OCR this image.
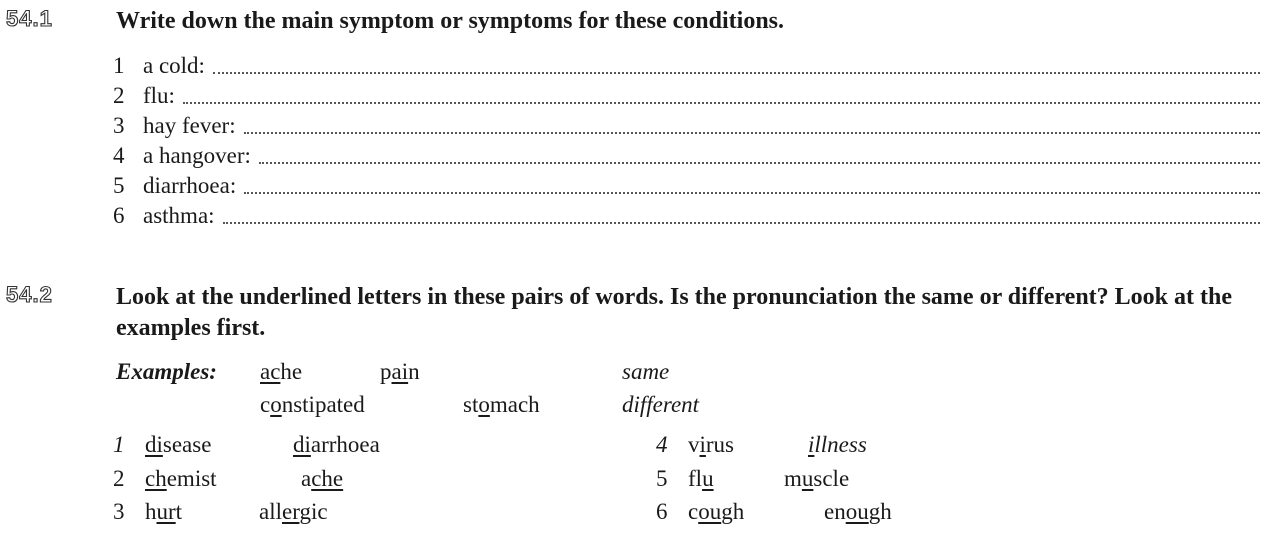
54.1	Write down the main symptom or symptoms for these conditions.
1 a cold:
2 flu:
3 hay fever:
4 a hangover:
5 diarrhoea:
6 asthma:
54.2	Look at the underlined letters in these pairs of words. Is the pronunciation the same or different? Look at the examples first.
Examples: ache	pain	same
constipated	stomach	different
1 disease	diarrhoea
2 chemist	ache
3 hurt	allergic
4 virus	illness
5 flu	muscle
6 cough	enough
